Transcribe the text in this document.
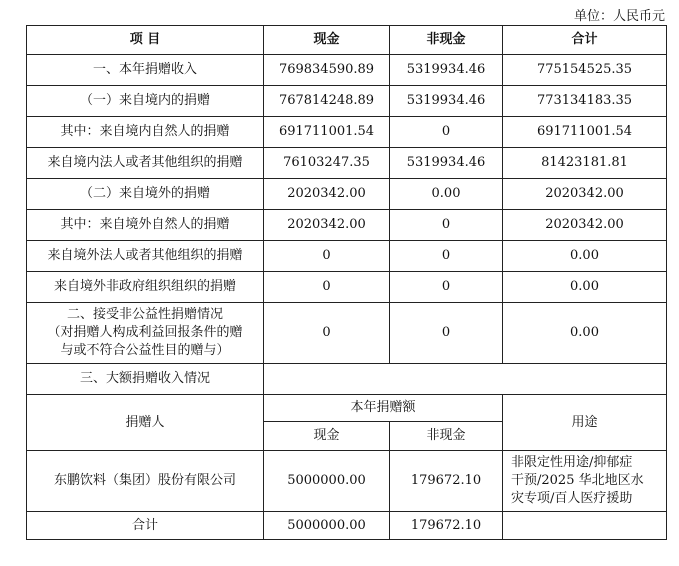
单位：人民币元
项 目	现金	非现金	合计
一、本年捐赠收入	769834590.89	5319934.46	775154525.35
（一）来自境内的捐赠	767814248.89	5319934.46	773134183.35
其中：来自境内自然人的捐赠	691711001.54	0	691711001.54
来自境内法人或者其他组织的捐赠	76103247.35	5319934.46	81423181.81
（二）来自境外的捐赠	2020342.00	0.00	2020342.00
其中：来自境外自然人的捐赠	2020342.00	0	2020342.00
来自境外法人或者其他组织的捐赠	0	0	0.00
来自境外非政府组织组织的捐赠	0	0	0.00

二、接受非公益性捐赠情况
（对捐赠人构成利益回报条件的赠
与或不符合公益性目的赠与）	0	0	0.00
三、大额捐赠收入情况			
捐赠人	本年捐赠额		用途
	现金	非现金	
东鹏饮料（集团）股份有限公司	5000000.00	179672.10	非限定性用途/抑郁症
干预/2025 华北地区水
灾专项/百人医疗援助

合计	5000000.00	179672.10	
